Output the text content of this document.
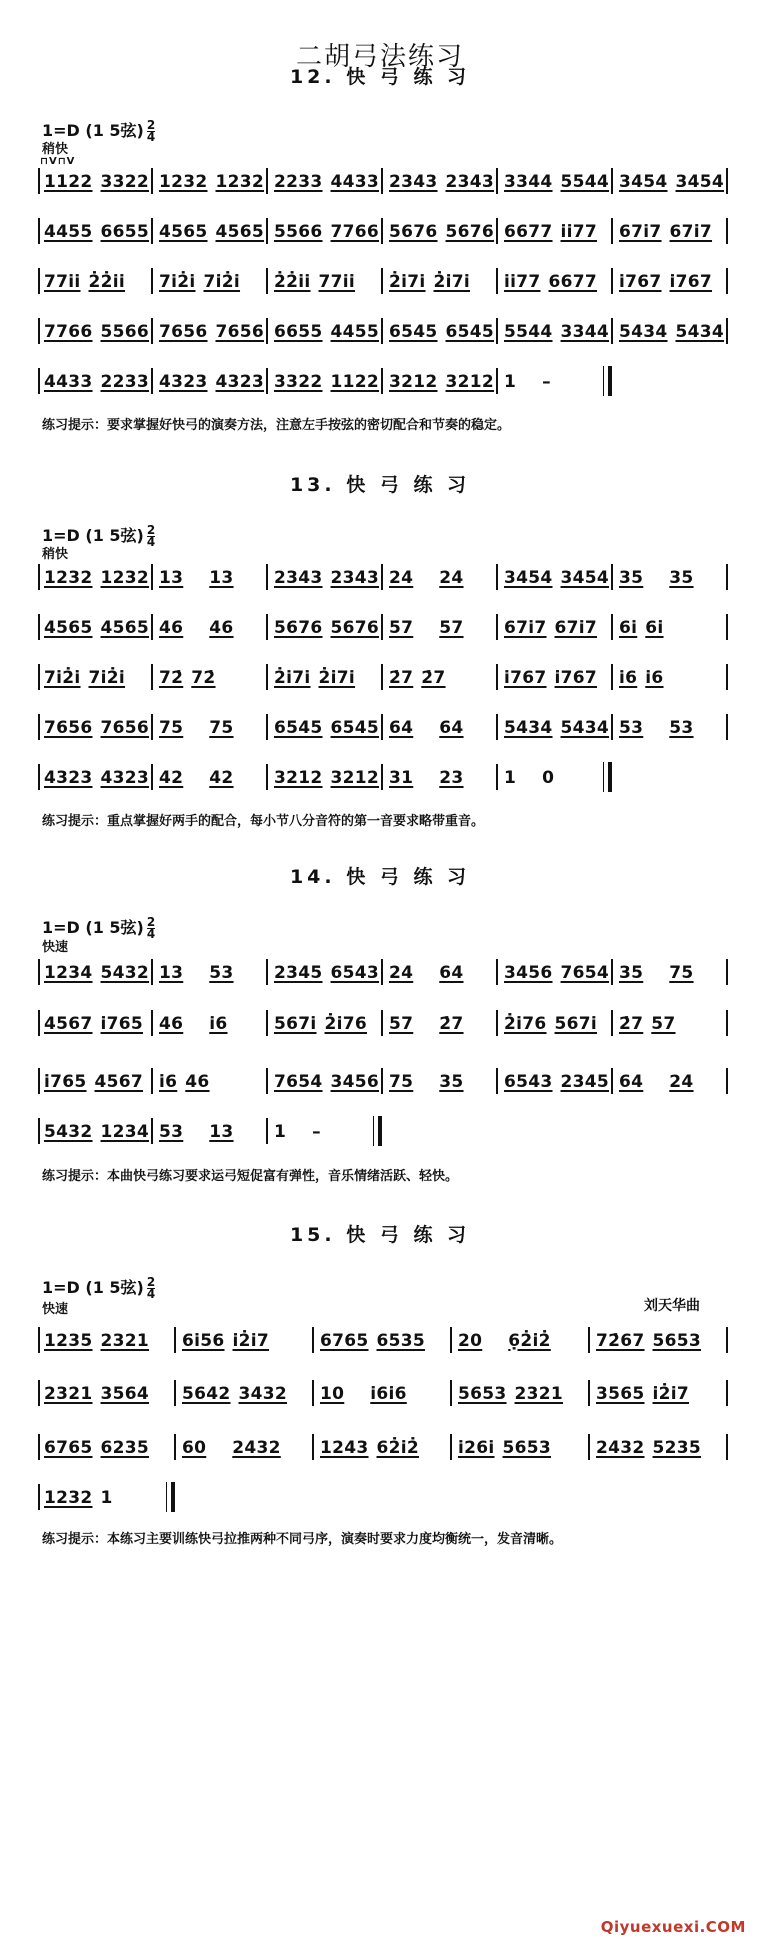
二胡弓法练习
12. 快 弓 练 习
1=D (1 5弦) $\frac{2}{4}$
稍快
⊓V⊓V
1122 3322 1232 1232 2233 4433 2343 2343 3344 5544 3454 3454
4455 6655 4565 4565 5566 7766 5676 5676 6677 i̇i̇77 67i̇7 67i̇7
77i̇i̇ 2̇2̇i̇i̇ 7i̇2̇i̇ 7i̇2̇i̇ 2̇2̇i̇i̇ 77i̇i̇ 2̇i̇7i̇ 2̇i̇7i̇ i̇i̇77 6677 i̇767 i̇767
7766 5566 7656 7656 6655 4455 6545 6545 5544 3344 5434 5434
4433 2233 4323 4323 3322 1122 3212 3212 1 –
练习提示：要求掌握好快弓的演奏方法，注意左手按弦的密切配合和节奏的稳定。
13. 快 弓 练 习
1=D (1 5弦) $\frac{2}{4}$
稍快
1232 1232 13 13 2343 2343 24 24 3454 3454 35 35
4565 4565 46 46 5676 5676 57 57 67i̇7 67i̇7 6i̇ 6i̇
7i̇2̇i̇ 7i̇2̇i̇ 72̇ 72̇	2̇i̇7i̇ 2̇i̇7i̇ 2̇7 2̇7	i̇767 i̇767 i̇6 i̇6
7656 7656 75 75 6545 6545 64 64 5434 5434 53 53
4323 4323 42 42 3212 3212 31 23 1 0
练习提示：重点掌握好两手的配合，每小节八分音符的第一音要求略带重音。
14. 快 弓 练 习
1=D (1 5弦) $\frac{2}{4}$
快速
1234 5432 13 53 2345 6543 24 64 3456 7654 35 75
4567 i̇765 46 i̇6	567i̇ 2̇i̇76 57 2̇7 2̇i̇76 567i̇ 2̇7 57
i̇765 4567 i̇6 46	7654 3456 75 35 6543 2345 64 24
5432 1234 53 13 1 –
练习提示：本曲快弓练习要求运弓短促富有弹性，音乐情绪活跃、轻快。
15. 快 弓 练 习
1=D (1 5弦) $\frac{2}{4}$
快速	刘天华曲
1235 2321 6i̇56 i̇2̇i̇7	6765 6535 20 6̣2̇i̇2̇	72̇67 5653
2321 3564 5642 3432 10 i̇6i̇6	5653 2321 3565 i̇2̇i̇7
6765 6235 60 2432 1243 62̇i̇2̇ i̇26i̇ 5653	2432 5235
1232 1
练习提示：本练习主要训练快弓拉推两种不同弓序，演奏时要求力度均衡统一，发音清晰。
Qiyuexuexi.COM
